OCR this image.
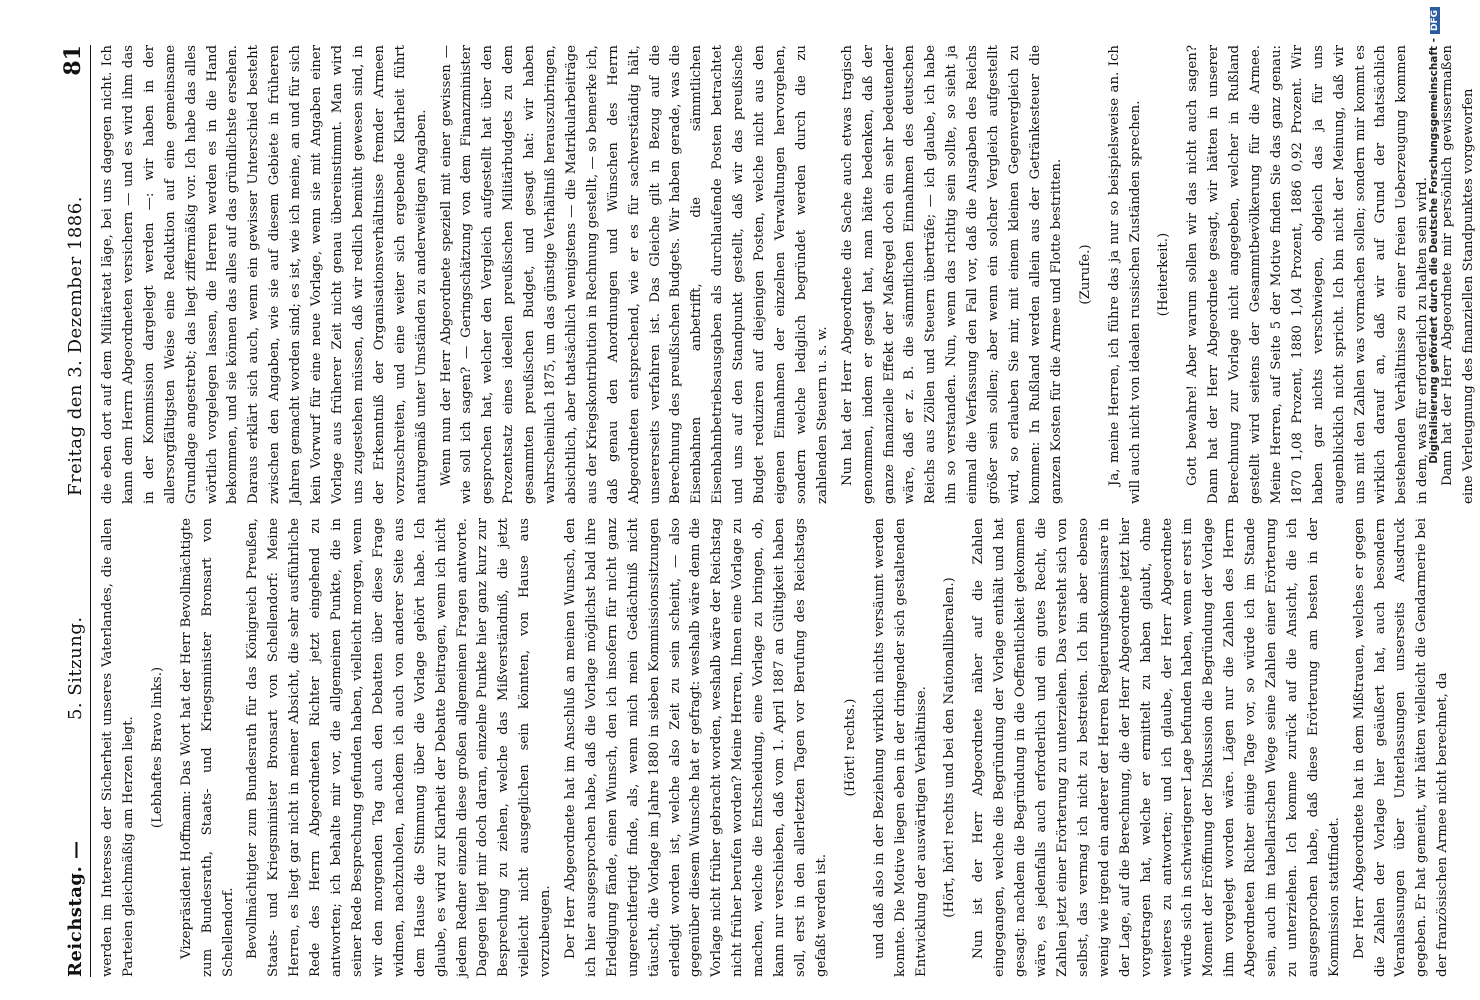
Reichstag. —
5. Sitzung.
Freitag den 3. Dezember 1886.
81

werden im Interesse der Sicherheit unseres Vaterlandes, die allen Parteien gleichmäßig am Herzen liegt. (Lebhaftes Bravo links.) Vizepräsident Hoffmann: Das Wort hat der Herr Bevollmächtigte zum Bundesrath, Staats- und Kriegsminister Bronsart von Schellendorf. Bevollmächtigter zum Bundesrath für das Königreich Preußen, Staats- und Kriegsminister Bronsart von Schellendorf: Meine Herren, es liegt gar nicht in meiner Absicht, die sehr ausführliche Rede des Herrn Abgeordneten Richter jetzt eingehend zu antworten; ich behalte mir vor, die allgemeinen Punkte, die in seiner Rede Besprechung gefunden haben, vielleicht morgen, wenn wir den morgenden Tag auch den Debatten über diese Frage widmen, nachzuholen, nachdem ich auch von anderer Seite aus dem Hause die Stimmung über die Vorlage gehört habe. Ich glaube, es wird zur Klarheit der Debatte beitragen, wenn ich nicht jedem Redner einzeln diese großen allgemeinen Fragen antworte. Dagegen liegt mir doch daran, einzelne Punkte hier ganz kurz zur Besprechung zu ziehen, welche das Mißverständniß, die jetzt vielleicht nicht ausgeglichen sein könnten, von Hause aus vorzubeugen. Der Herr Abgeordnete hat im Anschluß an meinen Wunsch, den ich hier ausgesprochen habe, daß die Vorlage möglichst bald ihre Erledigung fände, einen Wunsch, den ich insofern für nicht ganz ungerechtfertigt finde, als, wenn mich mein Gedächtniß nicht täuscht, die Vorlage im Jahre 1880 in sieben Kommissionssitzungen erledigt worden ist, welche also Zeit zu sein scheint, — also gegenüber diesem Wunsche hat er gefragt: weshalb wäre denn die Vorlage nicht früher gebracht worden, weshalb wäre der Reichstag nicht früher berufen worden? Meine Herren, Ihnen eine Vorlage zu machen, welche die Entscheidung, eine Vorlage zu bringen, ob, kann nur verschieben, daß vom 1. April 1887 an Gültigkeit haben soll, erst in den allerletzten Tagen vor Berufung des Reichstags gefaßt werden ist.

(Hört! rechts.) und daß also in der Beziehung wirklich nichts versäumt werden konnte. Die Motive liegen eben in der dringender sich gestaltenden Entwicklung der auswärtigen Verhältnisse. (Hört, hört! rechts und bei den Nationalliberalen.) Nun ist der Herr Abgeordnete näher auf die Zahlen eingegangen, welche die Begründung der Vorlage enthält und hat gesagt: nachdem die Begründung in die Oeffentlichkeit gekommen wäre, es jedenfalls auch erforderlich und ein gutes Recht, die Zahlen jetzt einer Erörterung zu unterziehen. Das versteht sich von selbst, das vermag ich nicht zu bestreiten. Ich bin aber ebenso wenig wie irgend ein anderer der Herren Regierungskommissare in der Lage, auf die Berechnung, die der Herr Abgeordnete jetzt hier vorgetragen hat, welche er ermittelt zu haben glaubt, ohne weiteres zu antworten; und ich glaube, der Herr Abgeordnete würde sich in schwierigerer Lage befunden haben, wenn er erst im Moment der Eröffnung der Diskussion die Begründung der Vorlage ihm vorgelegt worden wäre. Lägen nur die Zahlen des Herrn Abgeordneten Richter einige Tage vor, so würde ich im Stande sein, auch im tabellarischen Wege seine Zahlen einer Erörterung zu unterziehen. Ich komme zurück auf die Ansicht, die ich ausgesprochen habe, daß diese Erörterung am besten in der Kommission stattfindet. Der Herr Abgeordnete hat in dem Mißtrauen, welches er gegen die Zahlen der Vorlage hier geäußert hat, auch besondern Veranlassungen über Unterlassungen unserseits Ausdruck gegeben. Er hat gemeint, wir hätten vielleicht die Gendarmerie bei der französischen Armee nicht berechnet, da

die eben dort auf dem Militäretat läge, bei uns dagegen nicht. Ich kann dem Herrn Abgeordneten versichern — und es wird ihm das in der Kommission dargelegt werden —: wir haben in der allersorgfältigsten Weise eine Reduktion auf eine gemeinsame Grundlage angestrebt; das liegt ziffermäßig vor. Ich habe das alles wörtlich vorgelegen lassen, die Herren werden es in die Hand bekommen, und sie können das alles auf das gründlichste ersehen. Daraus erklärt sich auch, wenn ein gewisser Unterschied besteht zwischen den Angaben, wie sie auf diesem Gebiete in früheren Jahren gemacht worden sind; es ist, wie ich meine, an und für sich kein Vorwurf für eine neue Vorlage, wenn sie mit Angaben einer Vorlage aus früherer Zeit nicht genau übereinstimmt. Man wird uns zugestehen müssen, daß wir redlich bemüht gewesen sind, in der Erkenntniß der Organisationsverhältnisse fremder Armeen vorzuschreiten, und eine weiter sich ergebende Klarheit führt naturgemäß unter Umständen zu anderweitigen Angaben. Wenn nun der Herr Abgeordnete speziell mit einer gewissen — wie soll ich sagen? — Geringschätzung von dem Finanzminister gesprochen hat, welcher den Vergleich aufgestellt hat über den Prozentsatz eines ideellen preußischen Militärbudgets zu dem gesammten preußischen Budget, und gesagt hat: wir haben wahrscheinlich 1875, um das günstige Verhältniß herauszubringen, absichtlich, aber thatsächlich wenigstens — die Matrikularbeiträge aus der Kriegskontribution in Rechnung gestellt, — so bemerke ich, daß genau den Anordnungen und Wünschen des Herrn Abgeordneten entsprechend, wie er es für sachverständig hält, unsererseits verfahren ist. Das Gleiche gilt in Bezug auf die Berechnung des preußischen Budgets. Wir haben gerade, was die Eisenbahnen anbetrifft, die sämmtlichen Eisenbahnbetriebsausgaben als durchlaufende Posten betrachtet und uns auf den Standpunkt gestellt, daß wir das preußische Budget reduziren auf diejenigen Posten, welche nicht aus den eigenen Einnahmen der einzelnen Verwaltungen hervorgehen, sondern welche lediglich begründet werden durch die zu zahlenden Steuern u. s. w. Nun hat der Herr Abgeordnete die Sache auch etwas tragisch genommen, indem er gesagt hat, man hätte bedenken, daß der ganze finanzielle Effekt der Maßregel doch ein sehr bedeutender wäre, daß er z. B. die sämmtlichen Einnahmen des deutschen Reichs aus Zöllen und Steuern überträfe; — ich glaube, ich habe ihn so verstanden. Nun, wenn das richtig sein sollte, so sieht ja einmal die Verfassung den Fall vor, daß die Ausgaben des Reichs größer sein sollen; aber wenn ein solcher Vergleich aufgestellt wird, so erlauben Sie mir, mit einem kleinen Gegenvergleich zu kommen: In Rußland werden allein aus der Getränkesteuer die ganzen Kosten für die Armee und Flotte bestritten. (Zurufe.) Ja, meine Herren, ich führe das ja nur so beispielsweise an. Ich will auch nicht von idealen russischen Zuständen sprechen. (Heiterkeit.) Gott bewahre! Aber warum sollen wir das nicht auch sagen? Dann hat der Herr Abgeordnete gesagt, wir hätten in unserer Berechnung zur Vorlage nicht angegeben, welcher in Rußland gestellt wird seitens der Gesammtbevölkerung für die Armee. Meine Herren, auf Seite 5 der Motive finden Sie das ganz genau: 1870 1,08 Prozent, 1880 1,04 Prozent, 1886 0,92 Prozent. Wir haben gar nichts verschwiegen, obgleich das ja für uns augenblicklich nicht spricht. Ich bin nicht der Meinung, daß wir uns mit den Zahlen was vormachen sollen; sondern mir kommt es wirklich darauf an, daß wir auf Grund der thatsächlich bestehenden Verhältnisse zu einer freien Ueberzeugung kommen in dem, was für erforderlich zu halten sein wird. Dann hat der Herr Abgeordnete mir persönlich gewissermaßen eine Verleugnung des finanziellen Standpunktes vorgeworfen

Digitalisierung gefördert durch die Deutsche Forschungsgemeinschaft -DFG
